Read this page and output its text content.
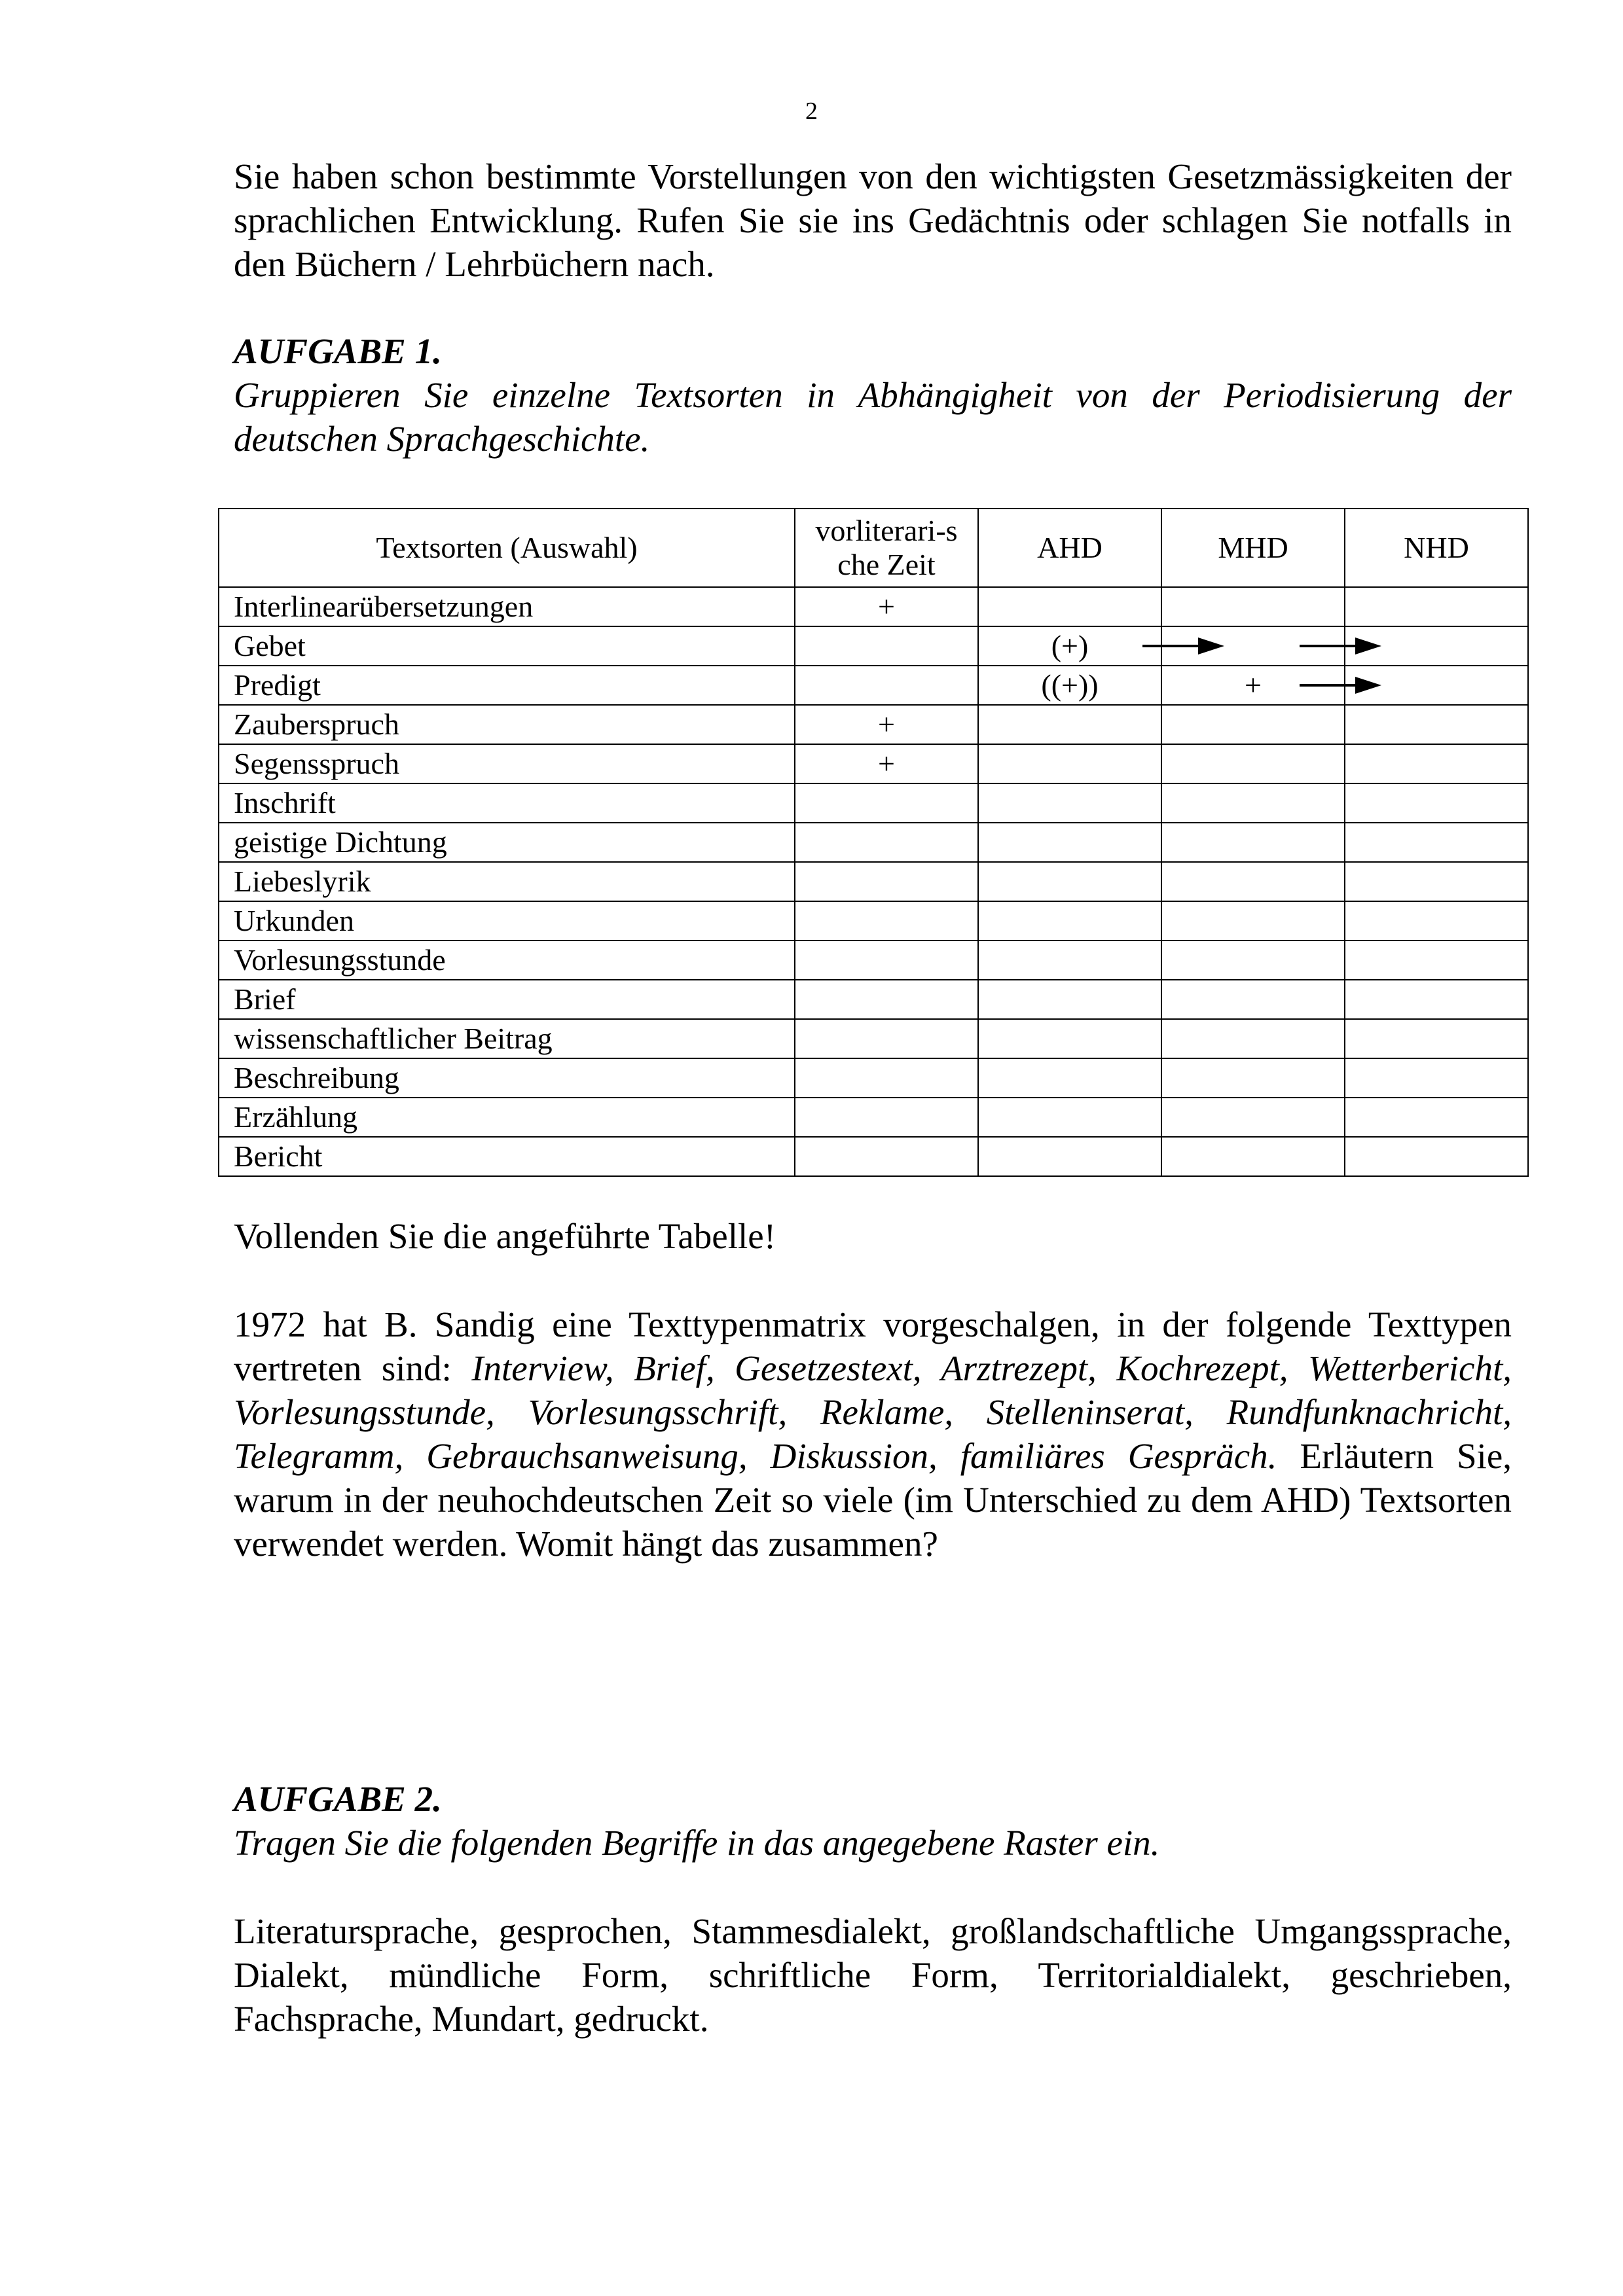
2

Sie haben schon bestimmte Vorstellungen von den wichtigsten Gesetzmässigkeiten der sprachlichen Entwicklung. Rufen Sie sie ins Gedächtnis oder schlagen Sie notfalls in den Büchern / Lehrbüchern nach.

AUFGABE 1.

Gruppieren Sie einzelne Textsorten in Abhängigheit von der Periodisierung der deutschen Sprachgeschichte.

Textsorten (Auswahl)	vorliterari-sche Zeit	AHD	MHD	NHD
Interlinearübersetzungen	+			
Gebet		(+)		
Predigt		((+))	+	
Zauberspruch	+			
Segensspruch	+			
Inschrift				
geistige Dichtung				
Liebeslyrik				
Urkunden				
Vorlesungsstunde				
Brief				
wissenschaftlicher Beitrag				
Beschreibung				
Erzählung				
Bericht				

Vollenden Sie die angeführte Tabelle!

1972 hat B. Sandig eine Texttypenmatrix vorgeschalgen, in der folgende Texttypen vertreten sind: Interview, Brief, Gesetzestext, Arztrezept, Kochrezept, Wetterbericht, Vorlesungsstunde, Vorlesungsschrift, Reklame, Stelleninserat, Rundfunknachricht, Telegramm, Gebrauchsanweisung, Diskussion, familiäres Gespräch. Erläutern Sie, warum in der neuhochdeutschen Zeit so viele (im Unterschied zu dem AHD) Textsorten verwendet werden. Womit hängt das zusammen?

AUFGABE 2.

Tragen Sie die folgenden Begriffe in das angegebene Raster ein.

Literatursprache, gesprochen, Stammesdialekt, großlandschaftliche Umgangssprache, Dialekt, mündliche Form, schriftliche Form, Territorialdialekt, geschrieben, Fachsprache, Mundart, gedruckt.
